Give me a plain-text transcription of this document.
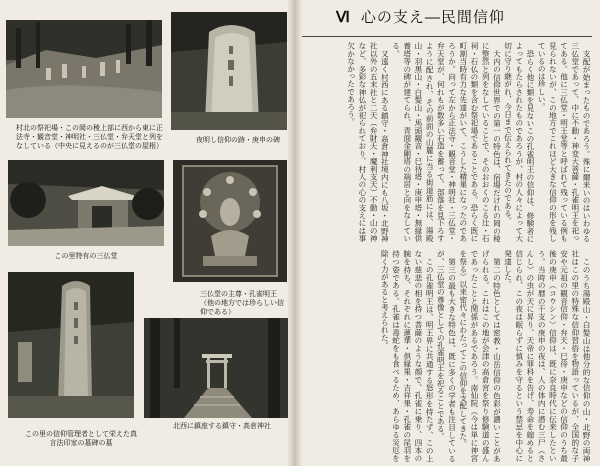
村北の祭祀場・この岡の稜上部に西から東に正法寺・観音堂・神明社・三仏堂・弁天堂と列をなしている（中央に見えるのが三仏堂の屋根）
夜明し信仰の跡・庚申の碑
この里特有の三仏堂
三仏堂の主尊・孔雀明王（他の地方では珍らしい信仰である）
この里の信仰管理者として栄えた真言法印家の墓碑の墓
北西に鎮座する鎮守・高倉神社
Ⅵ 心の支え―民間信仰

支配が始まったものであろう。殊に爾来いのはいわゆる三仏堂であって、中に不動・神変大菩薩・孔雀明王を祀ってある。他に三仏堂・明王堂等と呼ばれて残っている例も見られないが、この地方でこれほど大きな信仰の形を残しているのは珍しい。

恐らく他に類を見ないこの孔雀明王の信仰は、修験者によってもたらされたものであろうが、村の人々によって大切に守り継がれ、今日まで伝えられてきたのである。

大内の信仰世界での第一の特色は、宿場だけれの岡の稜に整然と列をなしていることで、そのおおくのこる辻・石祠・石仏の類を含む祭祀場であることである。恐らく既に町割当時有力な先達がいて、こうした精巣になったのであろうか。向って左から正法寺・観音堂・神明社・三仏堂・弁天堂が、何れもが数多い石造を蓄って、部落を見下ろすように配され、その前面の山麓に当る街道筋には、湯殿山・羽黒山・白髪山・馬頭観音・巳待塔・庚申塔・無縁供養塔等の碑が建てられ、青面金剛塔の端居と向をなしている。

又遠く村西にある鎮守・高倉神社境内にも八坂・北野神社以外の五末社と二天（弁財天・魔利支天）不動・山の神など、多彩な神仏が祀られており、村人の心の支えには事欠かなかったであろう。

このうち湯殿山・白髪山は他分的な信仰の山・北野の両神社はこの里の特殊な信仰習俗を物語っているが、全国的な子安や元祖の観音信仰・弁天・巳待・庚申などの信仰のうち最後の庚申（コウシン）信仰は、既に奈良時代に伝来したという。当時の暦の干支の庚申の夜は、人の体内に潜む三尸（さんし）の虫が天に昇り、天帝に罪科を告げ、寿命を縮めると信じられ、この夜は眠らずに慎みを守るという禁忌を中心に発達した。

第二の特色としては密教・山岳信仰の色彩が濃いことがあげられる。これはこの地が会津の高倉宮を祭り修験道の盛んであったことと関係があるであろう。南仙院（今は単に神宮を祭る）以来密代々にわたってこの信仰を支配してきた。

第三の最も大きな特色は、既に多くの学者も注目しているが、三仏堂の尊像としての孔雀明王を祀ることである。

この孔雀明王は、明王界に共通する怒形を持たず、この上ない慈悲の相を持つ菩薩のような顔で、孔雀に乗り、四本の腕を持ち、それぞれに蓮華・倶縁果・吉祥果・孔雀の尾羽を持つ姿である。孔雀は毒蛇をも食べるため、あらゆる災厄を除く力があると考えられた。
